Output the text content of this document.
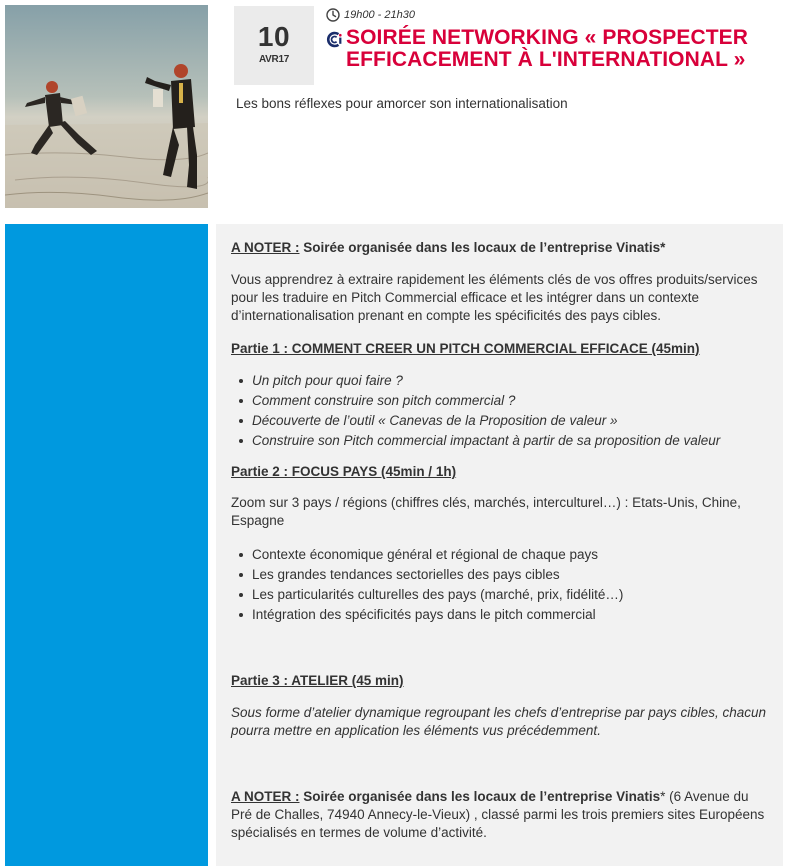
10
AVR17
19h00 - 21h30
SOIRÉE NETWORKING « PROSPECTER EFFICACEMENT À L'INTERNATIONAL »

Les bons réflexes pour amorcer son internationalisation

A NOTER : Soirée organisée dans les locaux de l’entreprise Vinatis*

Vous apprendrez à extraire rapidement les éléments clés de vos offres produits/services pour les traduire en Pitch Commercial efficace et les intégrer dans un contexte d’internationalisation prenant en compte les spécificités des pays cibles.

Partie 1 : COMMENT CREER UN PITCH COMMERCIAL EFFICACE (45min)

Un pitch pour quoi faire ?
Comment construire son pitch commercial ?
Découverte de l’outil « Canevas de la Proposition de valeur »
Construire son Pitch commercial impactant à partir de sa proposition de valeur

Partie 2 : FOCUS PAYS (45min / 1h)

Zoom sur 3 pays / régions (chiffres clés, marchés, interculturel…) : Etats-Unis, Chine, Espagne

Contexte économique général et régional de chaque pays
Les grandes tendances sectorielles des pays cibles
Les particularités culturelles des pays (marché, prix, fidélité…)
Intégration des spécificités pays dans le pitch commercial

Partie 3 : ATELIER (45 min)

Sous forme d’atelier dynamique regroupant les chefs d’entreprise par pays cibles, chacun pourra mettre en application les éléments vus précédemment.

A NOTER : Soirée organisée dans les locaux de l’entreprise Vinatis* (6 Avenue du Pré de Challes, 74940 Annecy-le-Vieux) , classé parmi les trois premiers sites Européens spécialisés en termes de volume d’activité.
